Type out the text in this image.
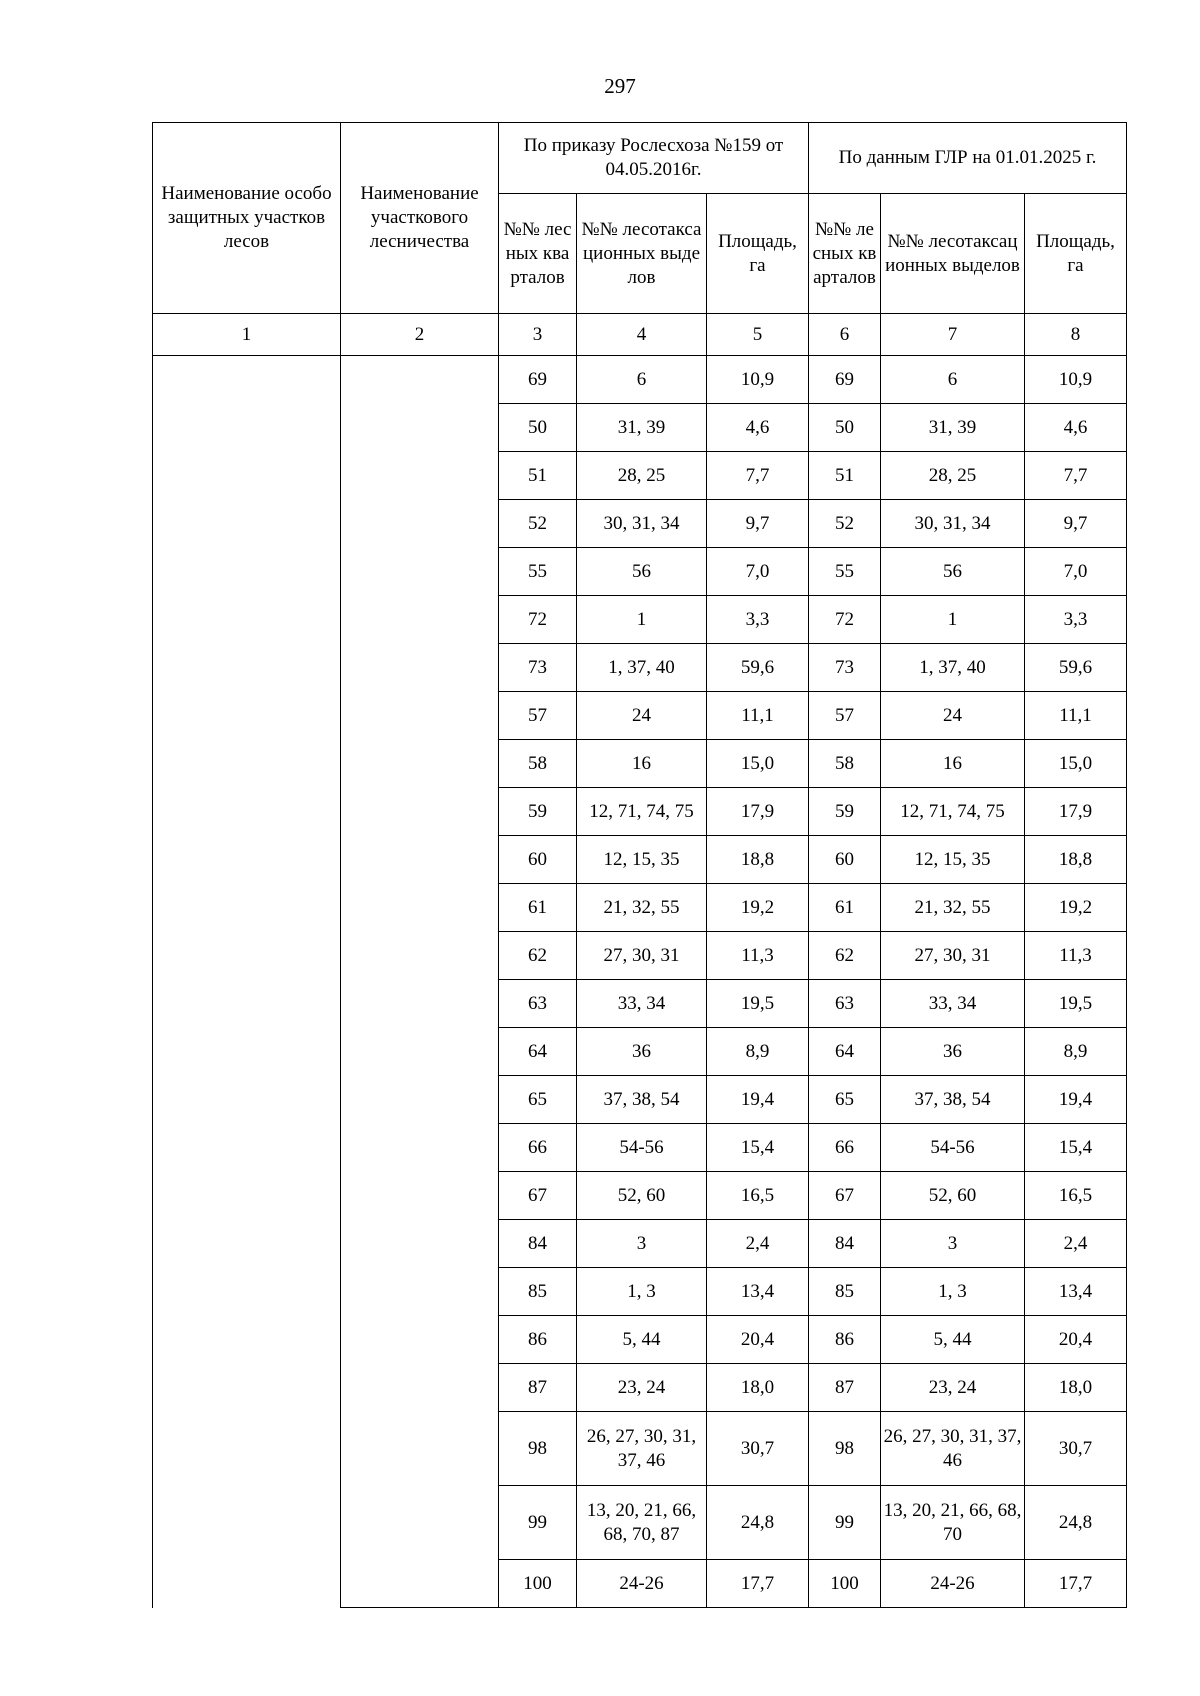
297
Наименование особо защитных участков лесов	Наименование участкового лесничества	По приказу Рослесхоза №159 от 04.05.2016г.			По данным ГЛР на 01.01.2025 г.		
		№№ лесных кварталов	№№ лесотаксационных выделов	Площадь, га	№№ лесных кварталов	№№ лесотаксационных выделов	Площадь, га
1	2	3	4	5	6	7	8
		69	6	10,9	69	6	10,9
		50	31, 39	4,6	50	31, 39	4,6
		51	28, 25	7,7	51	28, 25	7,7
		52	30, 31, 34	9,7	52	30, 31, 34	9,7
		55	56	7,0	55	56	7,0
		72	1	3,3	72	1	3,3
		73	1, 37, 40	59,6	73	1, 37, 40	59,6
		57	24	11,1	57	24	11,1
		58	16	15,0	58	16	15,0
		59	12, 71, 74, 75	17,9	59	12, 71, 74, 75	17,9
		60	12, 15, 35	18,8	60	12, 15, 35	18,8
		61	21, 32, 55	19,2	61	21, 32, 55	19,2
		62	27, 30, 31	11,3	62	27, 30, 31	11,3
		63	33, 34	19,5	63	33, 34	19,5
		64	36	8,9	64	36	8,9
		65	37, 38, 54	19,4	65	37, 38, 54	19,4
		66	54-56	15,4	66	54-56	15,4
		67	52, 60	16,5	67	52, 60	16,5
		84	3	2,4	84	3	2,4
		85	1, 3	13,4	85	1, 3	13,4
		86	5, 44	20,4	86	5, 44	20,4
		87	23, 24	18,0	87	23, 24	18,0
		98	26, 27, 30, 31, 37, 46	30,7	98	26, 27, 30, 31, 37, 46	30,7
		99	13, 20, 21, 66, 68, 70, 87	24,8	99	13, 20, 21, 66, 68, 70	24,8
		100	24-26	17,7	100	24-26	17,7
